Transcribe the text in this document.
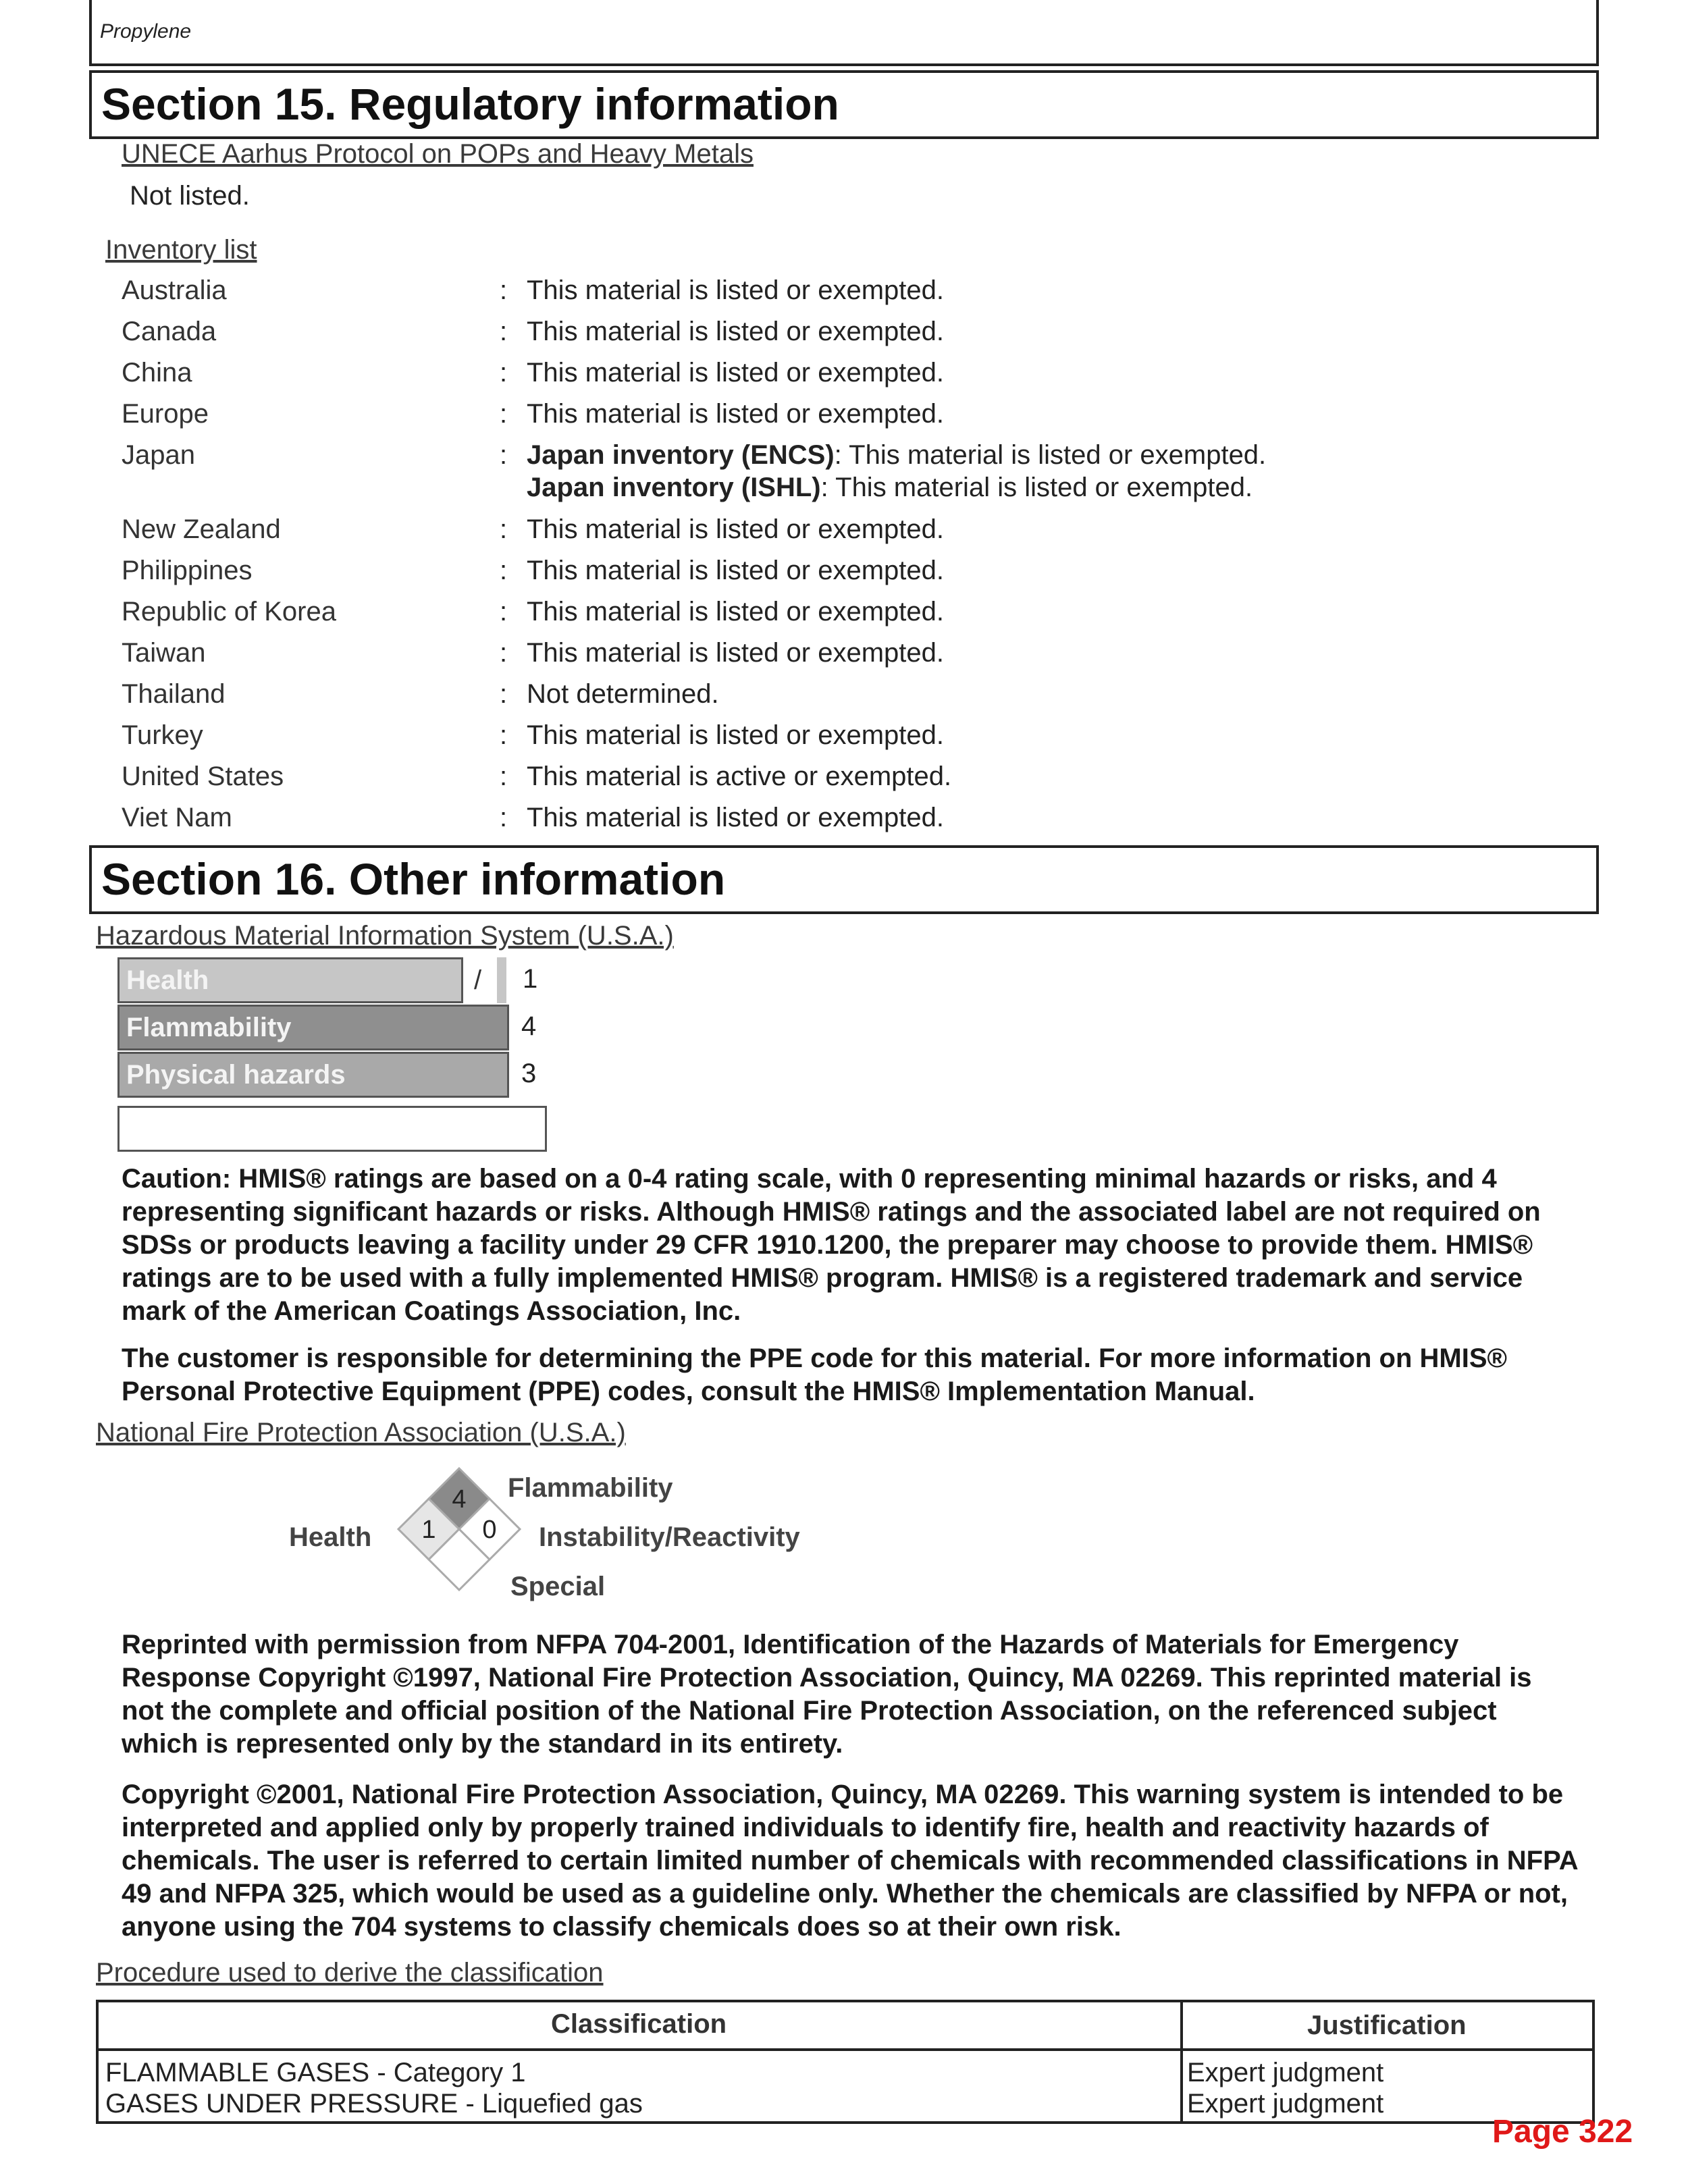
Propylene
Section 15. Regulatory information
UNECE Aarhus Protocol on POPs and Heavy Metals
Not listed.
Inventory list
Australia	: This material is listed or exempted.
Canada	: This material is listed or exempted.
China	: This material is listed or exempted.
Europe	: This material is listed or exempted.
Japan	: Japan inventory (ENCS): This material is listed or exempted.
Japan inventory (ISHL): This material is listed or exempted.
New Zealand	: This material is listed or exempted.
Philippines	: This material is listed or exempted.
Republic of Korea	: This material is listed or exempted.
Taiwan	: This material is listed or exempted.
Thailand	: Not determined.
Turkey	: This material is listed or exempted.
United States	: This material is active or exempted.
Viet Nam	: This material is listed or exempted.
Section 16. Other information
Hazardous Material Information System (U.S.A.)
Health	/ 1
Flammability	4
Physical hazards	3
Caution: HMIS® ratings are based on a 0-4 rating scale, with 0 representing minimal hazards or risks, and 4 representing significant hazards or risks. Although HMIS® ratings and the associated label are not required on SDSs or products leaving a facility under 29 CFR 1910.1200, the preparer may choose to provide them. HMIS® ratings are to be used with a fully implemented HMIS® program. HMIS® is a registered trademark and service mark of the American Coatings Association, Inc.
The customer is responsible for determining the PPE code for this material. For more information on HMIS® Personal Protective Equipment (PPE) codes, consult the HMIS® Implementation Manual.
National Fire Protection Association (U.S.A.)
4
1 0
Flammability
Health	Instability/Reactivity
Special
Reprinted with permission from NFPA 704-2001, Identification of the Hazards of Materials for Emergency Response Copyright ©1997, National Fire Protection Association, Quincy, MA 02269. This reprinted material is not the complete and official position of the National Fire Protection Association, on the referenced subject which is represented only by the standard in its entirety.
Copyright ©2001, National Fire Protection Association, Quincy, MA 02269. This warning system is intended to be interpreted and applied only by properly trained individuals to identify fire, health and reactivity hazards of chemicals. The user is referred to certain limited number of chemicals with recommended classifications in NFPA 49 and NFPA 325, which would be used as a guideline only. Whether the chemicals are classified by NFPA or not, anyone using the 704 systems to classify chemicals does so at their own risk.
Procedure used to derive the classification
Classification	Justification
FLAMMABLE GASES - Category 1	Expert judgment
GASES UNDER PRESSURE - Liquefied gas	Expert judgment
Page 322
